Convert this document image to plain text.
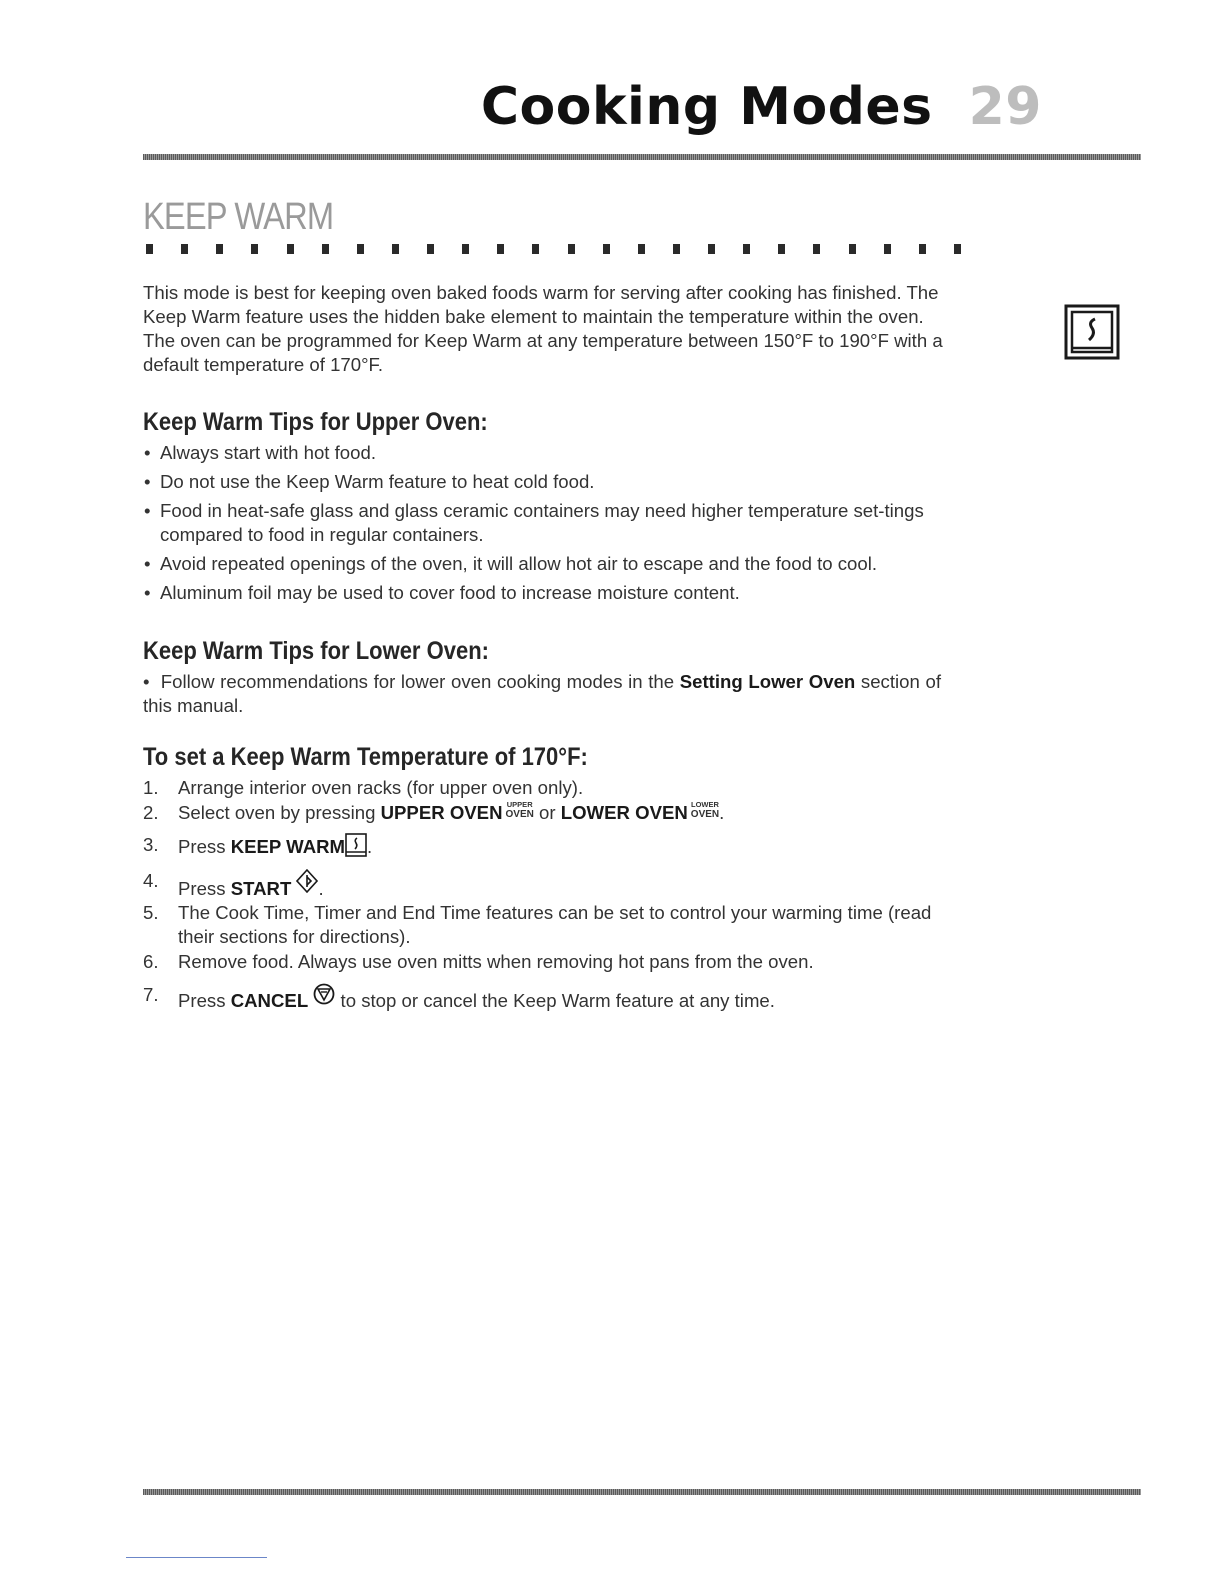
Cooking Modes 29
KEEP WARM

This mode is best for keeping oven baked foods warm for serving after cooking has finished. The Keep Warm feature uses the hidden bake element to maintain the temperature within the oven. The oven can be programmed for Keep Warm at any temperature between 150°F to 190°F with a default temperature of 170°F.

Keep Warm Tips for Upper Oven:
• Always start with hot food.
• Do not use the Keep Warm feature to heat cold food.
• Food in heat-safe glass and glass ceramic containers may need higher temperature set-tings compared to food in regular containers.
• Avoid repeated openings of the oven, it will allow hot air to escape and the food to cool.
• Aluminum foil may be used to cover food to increase moisture content.
Keep Warm Tips for Lower Oven:
•  Follow recommendations for lower oven cooking modes in the Setting Lower Oven section of this manual.
To set a Keep Warm Temperature of 170°F:
1. Arrange interior oven racks (for upper oven only).
2. Select oven by pressing UPPER OVEN UPPER
OVEN or LOWER OVEN LOWER
OVEN .
3. Press KEEP WARM .
4. Press START .
5. The Cook Time, Timer and End Time features can be set to control your warming time (read their sections for directions).
6. Remove food. Always use oven mitts when removing hot pans from the oven.
7. Press CANCEL  to stop or cancel the Keep Warm feature at any time.
